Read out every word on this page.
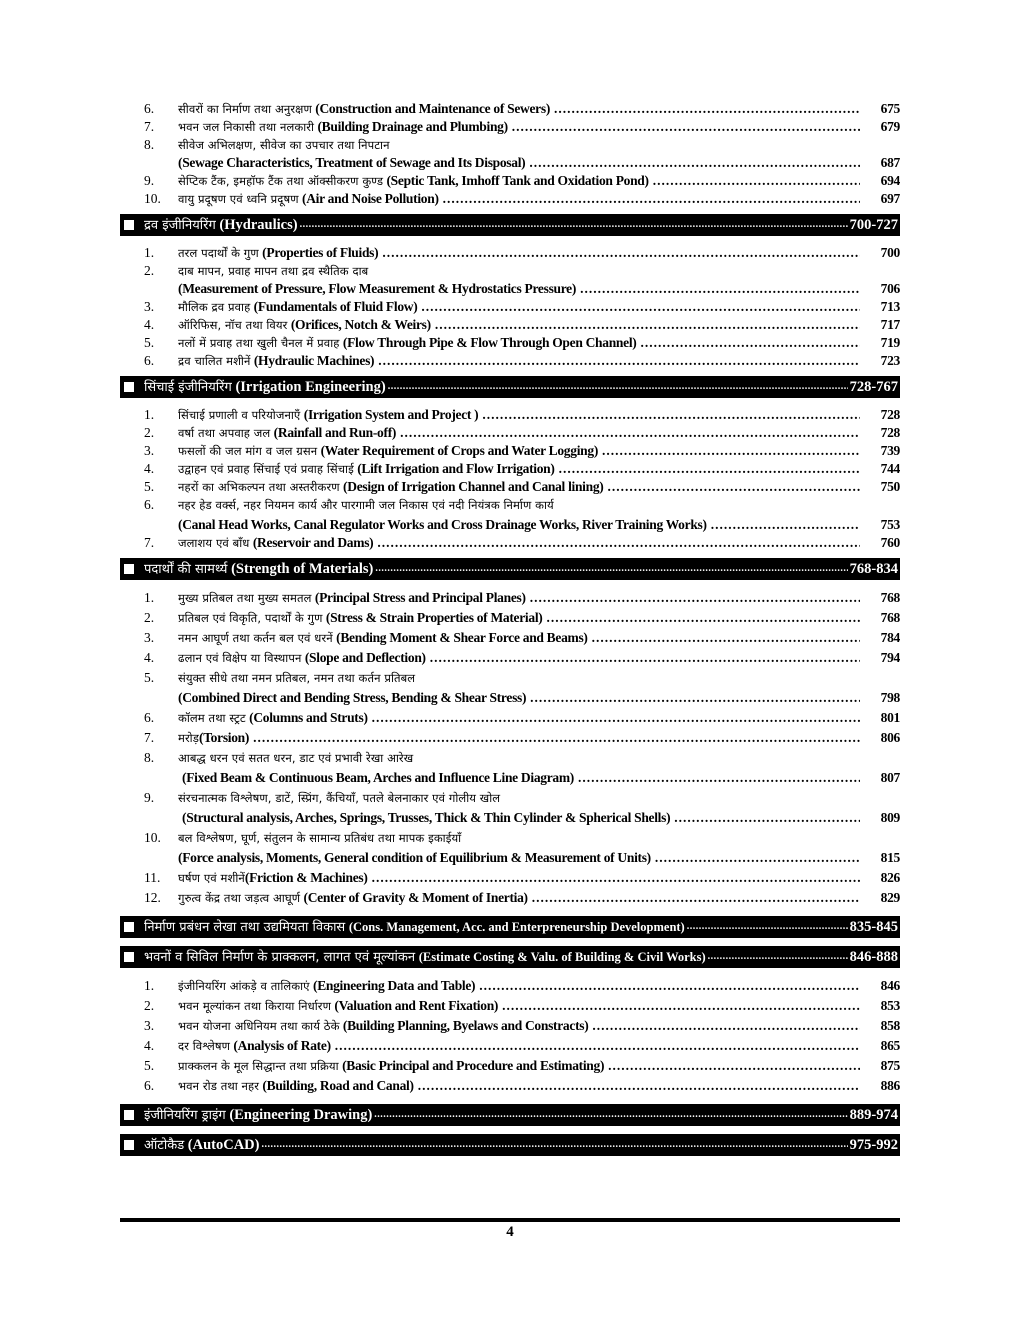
6.	सीवरों का निर्माण तथा अनुरक्षण (Construction and Maintenance of Sewers) .....	675
7.	भवन जल निकासी तथा नलकारी (Building Drainage and Plumbing) .....	679
8.	सीवेज अभिलक्षण, सीवेज का उपचार तथा निपटान
(Sewage Characteristics, Treatment of Sewage and Its Disposal) .....	687
9.	सेप्टिक टैंक, इमहॉफ टैंक तथा ऑक्सीकरण कुण्ड (Septic Tank, Imhoff Tank and Oxidation Pond) .....	694
10.	वायु प्रदूषण एवं ध्वनि प्रदूषण (Air and Noise Pollution) .....	697
द्रव इंजीनियरिंग (Hydraulics) .....	700-727
1.	तरल पदार्थों के गुण (Properties of Fluids) .....	700
2.	दाब मापन, प्रवाह मापन तथा द्रव स्थैतिक दाब
(Measurement of Pressure, Flow Measurement & Hydrostatics Pressure) .....	706
3.	मौलिक द्रव प्रवाह (Fundamentals of Fluid Flow) .....	713
4.	ऑरिफिस, नॉच तथा वियर (Orifices, Notch & Weirs) .....	717
5.	नलों में प्रवाह तथा खुली चैनल में प्रवाह (Flow Through Pipe & Flow Through Open Channel) .....	719
6.	द्रव चालित मशीनें (Hydraulic Machines) .....	723
सिंचाई इंजीनियरिंग (Irrigation Engineering) .....	728-767
1.	सिंचाई प्रणाली व परियोजनाएँ (Irrigation System and Project ) .....	728
2.	वर्षा तथा अपवाह जल (Rainfall and Run-off) .....	728
3.	फसलों की जल मांग व जल ग्रसन (Water Requirement of Crops and Water Logging) .....	739
4.	उद्वाहन एवं प्रवाह सिंचाई एवं प्रवाह सिंचाई (Lift Irrigation and Flow Irrigation) .....	744
5.	नहरों का अभिकल्पन तथा अस्तरीकरण (Design of Irrigation Channel and Canal lining) .....	750
6.	नहर हेड वर्क्स, नहर नियमन कार्य और पारगामी जल निकास एवं नदी नियंत्रक निर्माण कार्य
(Canal Head Works, Canal Regulator Works and Cross Drainage Works, River Training Works) .....	753
7.	जलाशय एवं बाँध (Reservoir and Dams) .....	760
पदार्थों की सामर्थ्य (Strength of Materials) .....	768-834
1.	मुख्य प्रतिबल तथा मुख्य समतल (Principal Stress and Principal Planes) .....	768
2.	प्रतिबल एवं विकृति, पदार्थों के गुण (Stress & Strain Properties of Material) .....	768
3.	नमन आघूर्ण तथा कर्तन बल एवं धरनें (Bending Moment & Shear Force and Beams) .....	784
4.	ढलान एवं विक्षेप या विस्थापन (Slope and Deflection) .....	794
5.	संयुक्त सीधे तथा नमन प्रतिबल, नमन तथा कर्तन प्रतिबल
(Combined Direct and Bending Stress, Bending & Shear Stress) .....	798
6.	कॉलम तथा स्ट्रट (Columns and Struts) .....	801
7.	मरोड़(Torsion) .....	806
8.	आबद्ध धरन एवं सतत धरन, डाट एवं प्रभावी रेखा आरेख
(Fixed Beam & Continuous Beam, Arches and Influence Line Diagram) .....	807
9.	संरचनात्मक विश्लेषण, डाटें, स्प्रिंग, कैंचियाँ, पतले बेलनाकार एवं गोलीय खोल
(Structural analysis, Arches, Springs, Trusses, Thick & Thin Cylinder & Spherical Shells) .....	809
10.	बल विश्लेषण, घूर्ण, संतुलन के सामान्य प्रतिबंध तथा मापक इकाईयाँ
(Force analysis, Moments, General condition of Equilibrium & Measurement of Units) .....	815
11.	घर्षण एवं मशीनें(Friction & Machines) .....	826
12.	गुरुत्व केंद्र तथा जड़त्व आघूर्ण (Center of Gravity & Moment of Inertia) .....	829
निर्माण प्रबंधन लेखा तथा उद्यमियता विकास (Cons. Management, Acc. and Enterpreneurship Development) .....	835-845
भवनों व सिविल निर्माण के प्राक्कलन, लागत एवं मूल्यांकन (Estimate Costing & Valu. of Building & Civil Works) .....	846-888
1.	इंजीनियरिंग आंकड़े व तालिकाएं (Engineering Data and Table) .....	846
2.	भवन मूल्यांकन तथा किराया निर्धारण (Valuation and Rent Fixation) .....	853
3.	भवन योजना अधिनियम तथा कार्य ठेके (Building Planning, Byelaws and Constracts) .....	858
4.	दर विश्लेषण (Analysis of Rate) .....	865
5.	प्राक्कलन के मूल सिद्धान्त तथा प्रक्रिया (Basic Principal and Procedure and Estimating) .....	875
6.	भवन रोड तथा नहर (Building, Road and Canal) .....	886
इंजीनियरिंग ड्राइंग (Engineering Drawing) .....	889-974
ऑटोकैड (AutoCAD) .....	975-992
4
